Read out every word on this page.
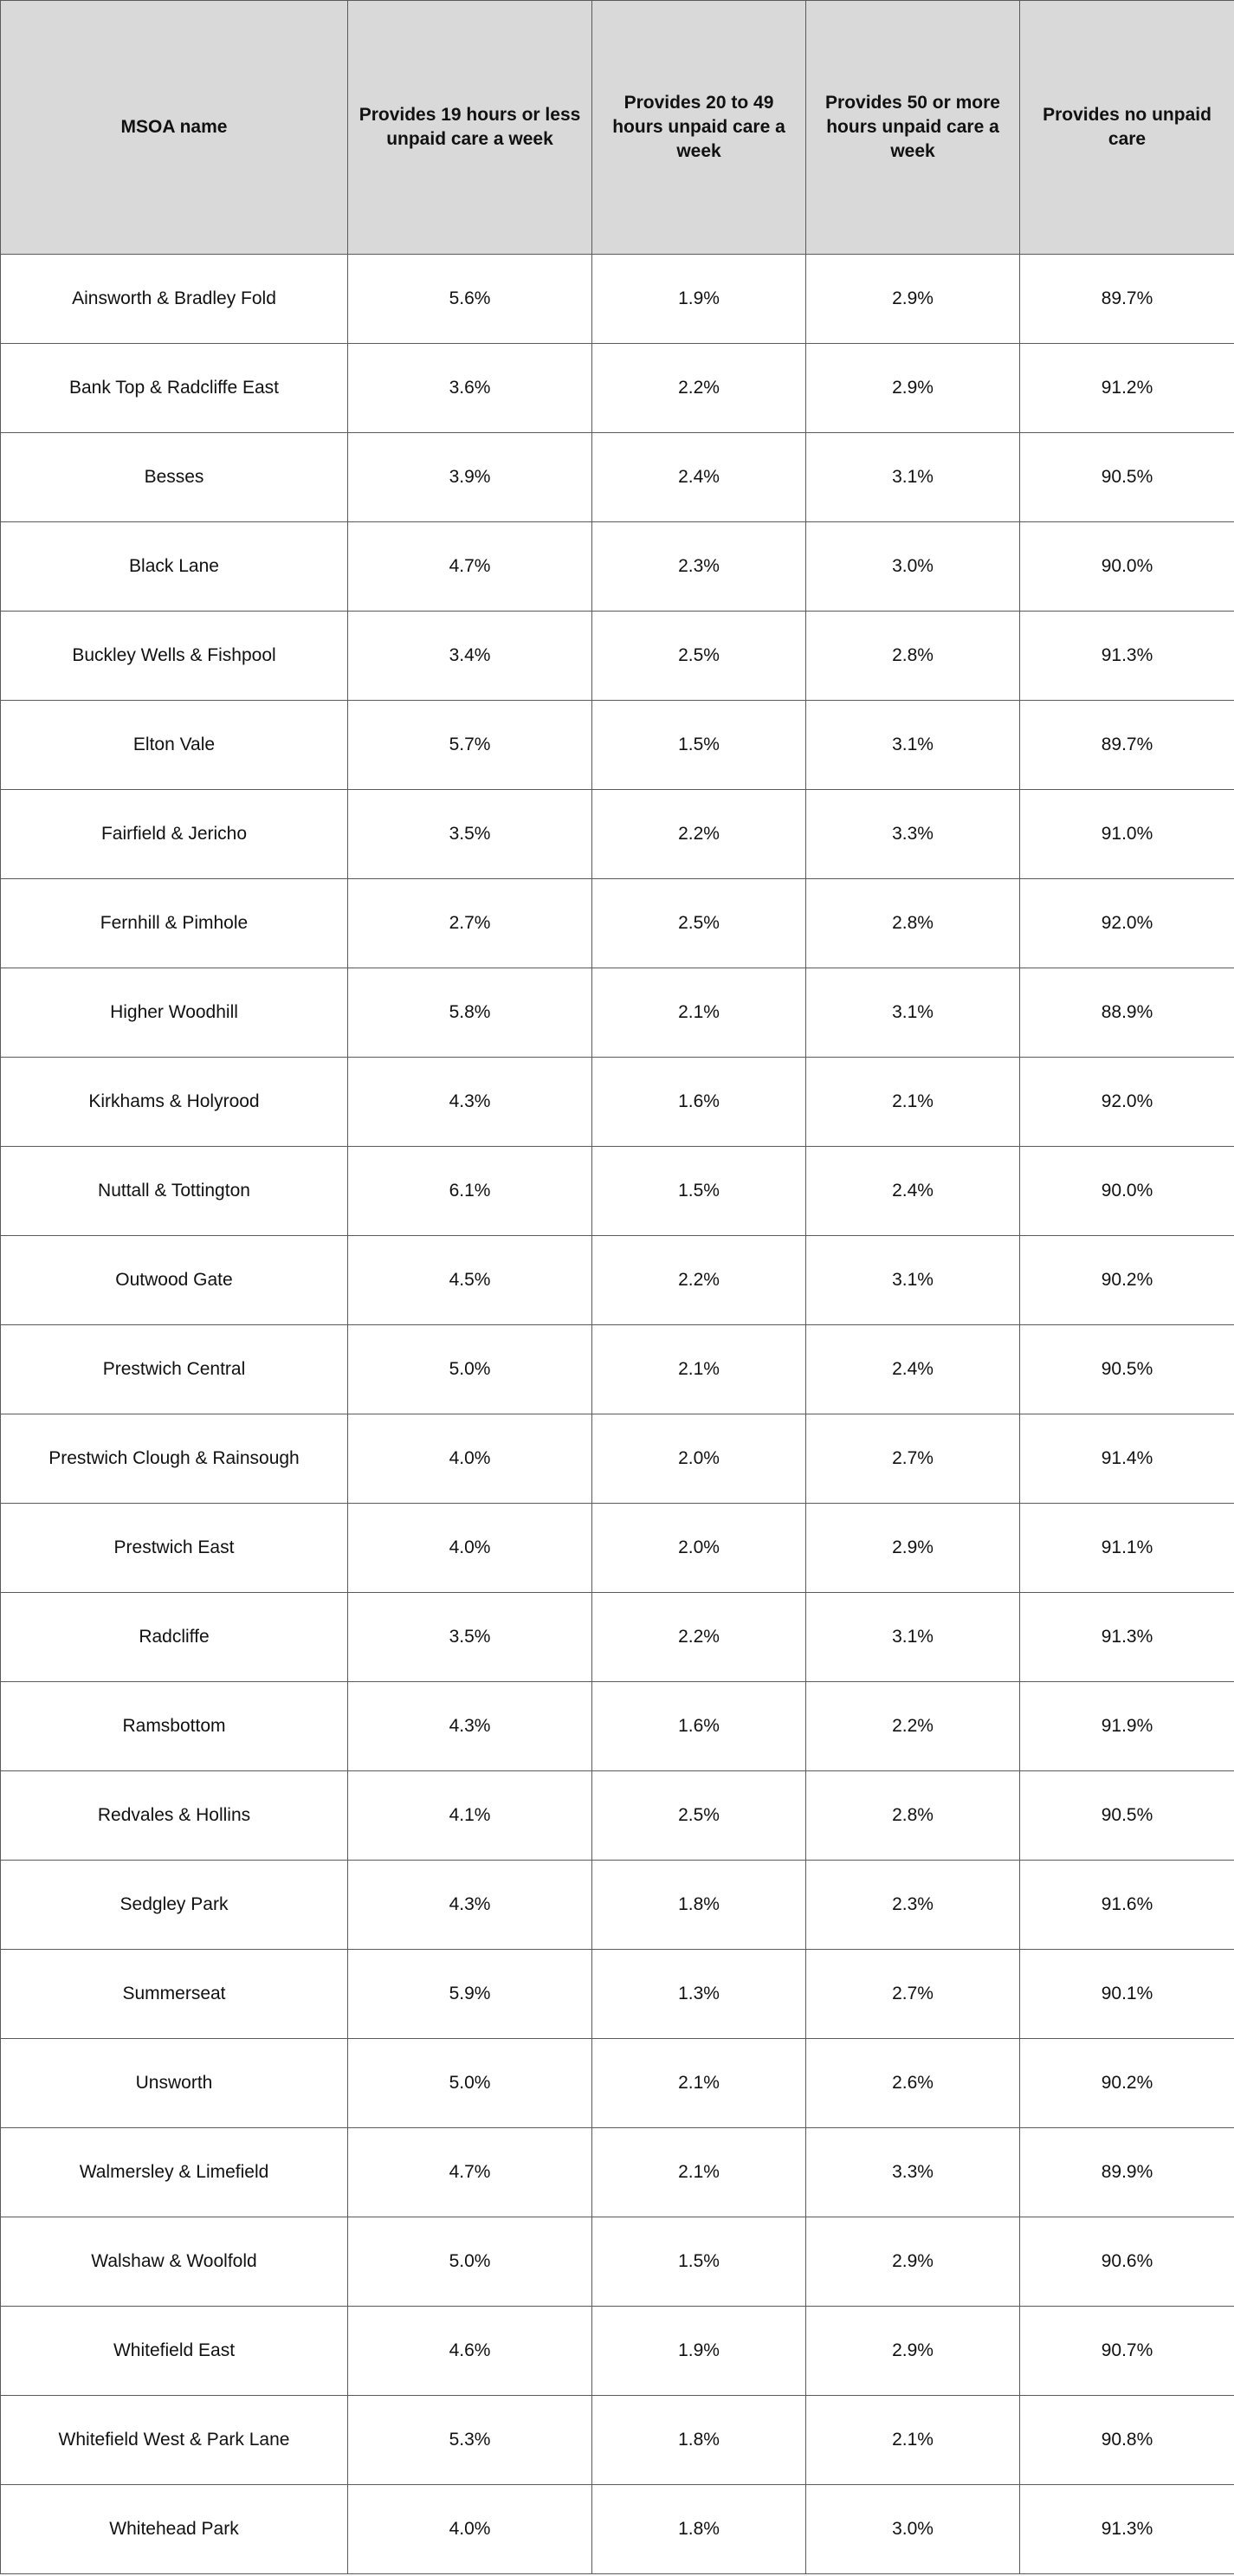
MSOA name	Provides 19 hours or less unpaid care a week	Provides 20 to 49 hours unpaid care a week	Provides 50 or more hours unpaid care a week	Provides no unpaid care
Ainsworth & Bradley Fold	5.6%	1.9%	2.9%	89.7%
Bank Top & Radcliffe East	3.6%	2.2%	2.9%	91.2%
Besses	3.9%	2.4%	3.1%	90.5%
Black Lane	4.7%	2.3%	3.0%	90.0%
Buckley Wells & Fishpool	3.4%	2.5%	2.8%	91.3%
Elton Vale	5.7%	1.5%	3.1%	89.7%
Fairfield & Jericho	3.5%	2.2%	3.3%	91.0%
Fernhill & Pimhole	2.7%	2.5%	2.8%	92.0%
Higher Woodhill	5.8%	2.1%	3.1%	88.9%
Kirkhams & Holyrood	4.3%	1.6%	2.1%	92.0%
Nuttall & Tottington	6.1%	1.5%	2.4%	90.0%
Outwood Gate	4.5%	2.2%	3.1%	90.2%
Prestwich Central	5.0%	2.1%	2.4%	90.5%
Prestwich Clough & Rainsough	4.0%	2.0%	2.7%	91.4%
Prestwich East	4.0%	2.0%	2.9%	91.1%
Radcliffe	3.5%	2.2%	3.1%	91.3%
Ramsbottom	4.3%	1.6%	2.2%	91.9%
Redvales & Hollins	4.1%	2.5%	2.8%	90.5%
Sedgley Park	4.3%	1.8%	2.3%	91.6%
Summerseat	5.9%	1.3%	2.7%	90.1%
Unsworth	5.0%	2.1%	2.6%	90.2%
Walmersley & Limefield	4.7%	2.1%	3.3%	89.9%
Walshaw & Woolfold	5.0%	1.5%	2.9%	90.6%
Whitefield East	4.6%	1.9%	2.9%	90.7%
Whitefield West & Park Lane	5.3%	1.8%	2.1%	90.8%
Whitehead Park	4.0%	1.8%	3.0%	91.3%
